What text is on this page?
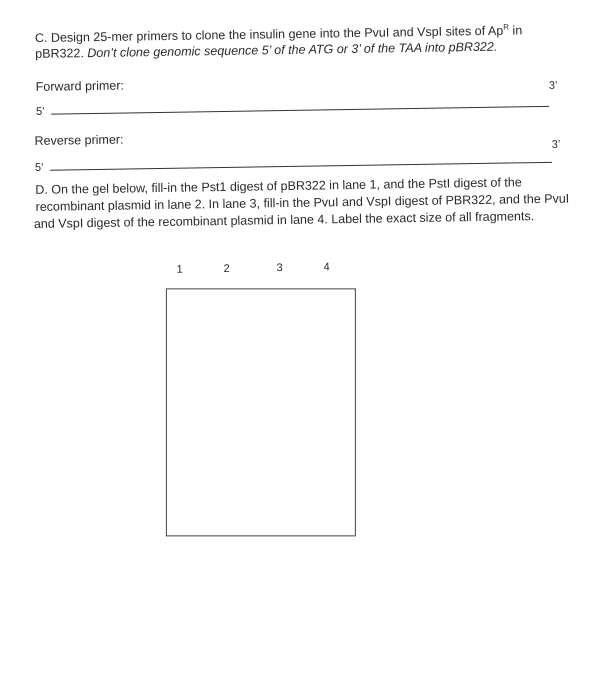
C. Design 25-mer primers to clone the insulin gene into the PvuI and VspI sites of $Ap^R$ in
pBR322. Don’t clone genomic sequence 5’ of the ATG or 3’ of the TAA into pBR322.
Forward primer:
5’
3’
Reverse primer:
5’
3’
D. On the gel below, fill-in the Pst1 digest of pBR322 in lane 1, and the PstI digest of the
recombinant plasmid in lane 2. In lane 3, fill-in the PvuI and VspI digest of PBR322, and the PvuI
and VspI digest of the recombinant plasmid in lane 4. Label the exact size of all fragments.
1	2	3	4
